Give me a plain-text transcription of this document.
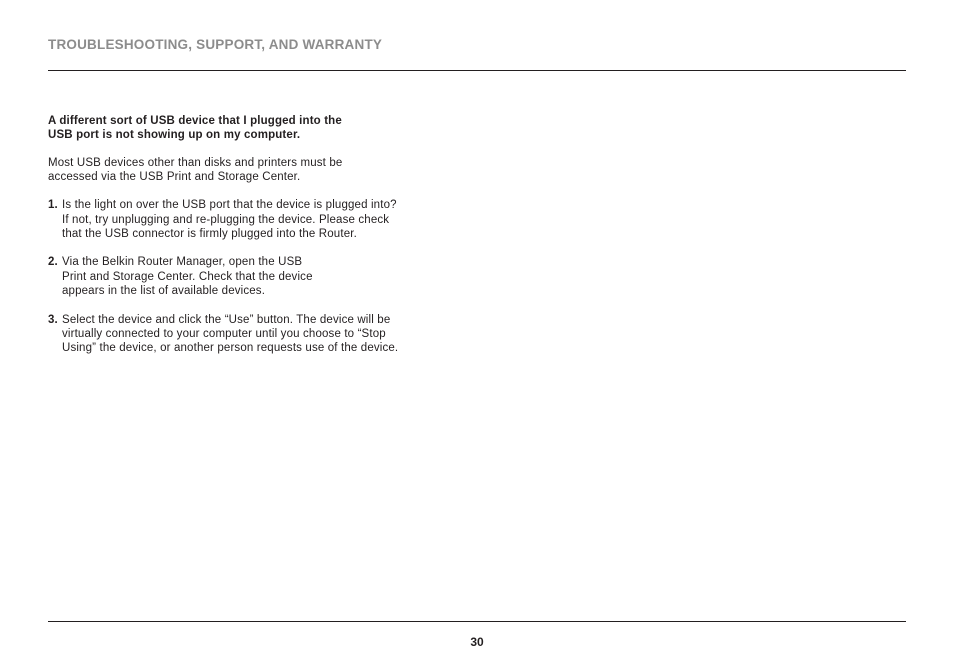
TROUBLESHOOTING, SUPPORT, AND WARRANTY

A different sort of USB device that I plugged into the
USB port is not showing up on my computer.

Most USB devices other than disks and printers must be
accessed via the USB Print and Storage Center.

1. Is the light on over the USB port that the device is plugged into?
If not, try unplugging and re-plugging the device. Please check
that the USB connector is firmly plugged into the Router.
2. Via the Belkin Router Manager, open the USB
Print and Storage Center. Check that the device
appears in the list of available devices.
3. Select the device and click the “Use” button. The device will be
virtually connected to your computer until you choose to “Stop
Using” the device, or another person requests use of the device.
30
